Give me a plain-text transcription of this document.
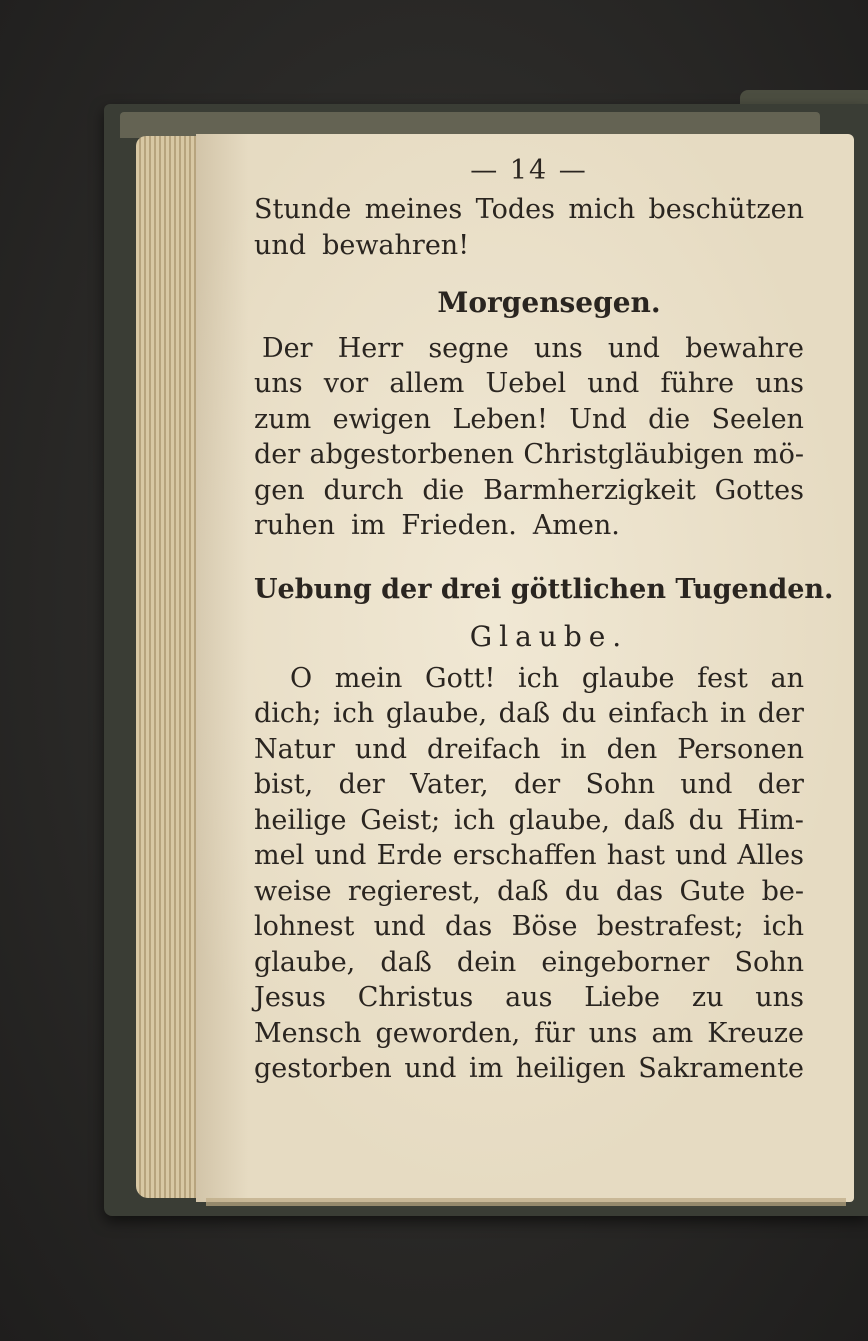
— 14 —
Stunde meines Todes mich beschützen
und bewahren!
Morgensegen.
Der Herr segne uns und bewahre
uns vor allem Uebel und führe uns
zum ewigen Leben! Und die Seelen
der abgestorbenen Christgläubigen mö-
gen durch die Barmherzigkeit Gottes
ruhen im Frieden. Amen.
Uebung der drei göttlichen Tugenden.
Glaube.
O mein Gott! ich glaube fest an
dich; ich glaube, daß du einfach in der
Natur und dreifach in den Personen
bist, der Vater, der Sohn und der
heilige Geist; ich glaube, daß du Him-
mel und Erde erschaffen hast und Alles
weise regierest, daß du das Gute be-
lohnest und das Böse bestrafest; ich
glaube, daß dein eingeborner Sohn
Jesus Christus aus Liebe zu uns
Mensch geworden, für uns am Kreuze
gestorben und im heiligen Sakramente
